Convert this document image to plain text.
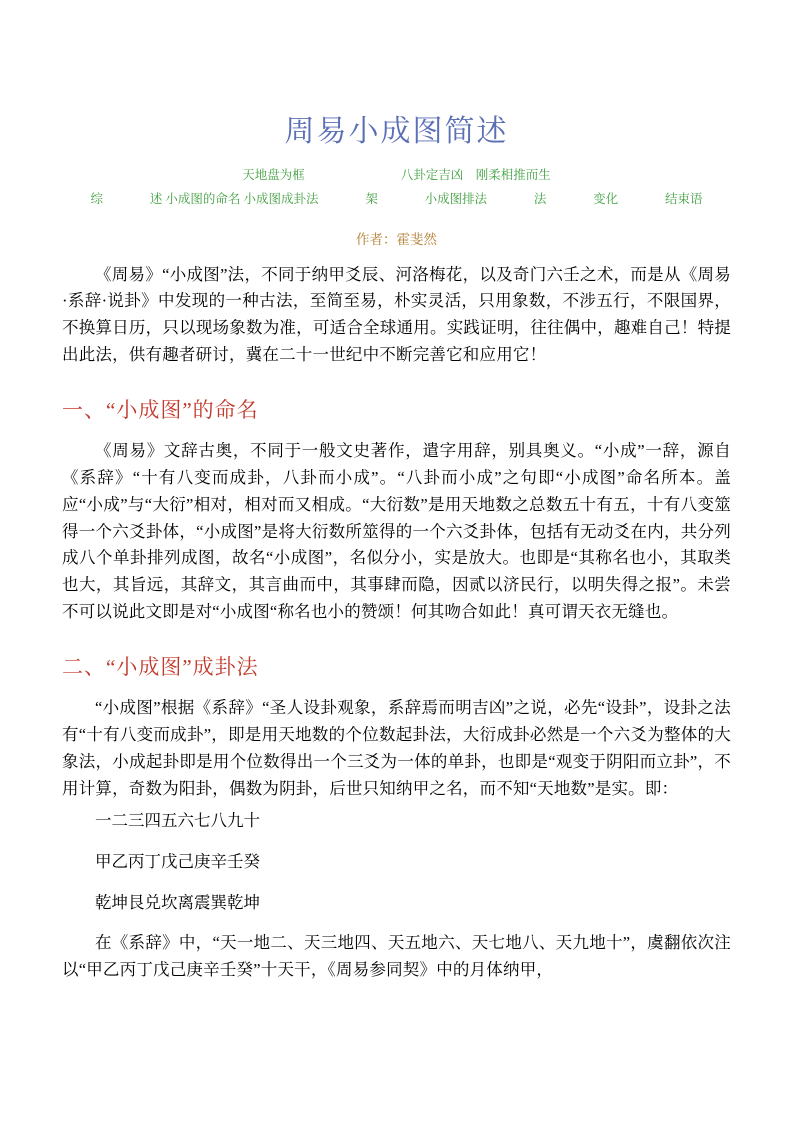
周易小成图简述
天地盘为框	八卦定吉凶　刚柔相推而生
综	述 小成图的命名 小成图成卦法	架	小成图排法	法	变化	结束语
作者：霍斐然

《周易》“小成图”法，不同于纳甲爻辰、河洛梅花，以及奇门六壬之术，而是从《周易·系辞·说卦》中发现的一种古法，至简至易，朴实灵活，只用象数，不涉五行，不限国界，不换算日历，只以现场象数为准，可适合全球通用。实践证明，往往偶中，趣难自己！特提出此法，供有趣者研讨，冀在二十一世纪中不断完善它和应用它！

一、“小成图”的命名

《周易》文辞古奥，不同于一般文史著作，遣字用辞，别具奥义。“小成”一辞，源自《系辞》“十有八变而成卦，八卦而小成”。“八卦而小成”之句即“小成图”命名所本。盖应“小成”与“大衍”相对，相对而又相成。“大衍数”是用天地数之总数五十有五，十有八变筮得一个六爻卦体，“小成图”是将大衍数所筮得的一个六爻卦体，包括有无动爻在内，共分列成八个单卦排列成图，故名“小成图”，名似分小，实是放大。也即是“其称名也小，其取类也大，其旨远，其辞文，其言曲而中，其事肆而隐，因贰以济民行，以明失得之报”。未尝不可以说此文即是对“小成图“称名也小的赞颂！何其吻合如此！真可谓天衣无缝也。

二、“小成图”成卦法

“小成图”根据《系辞》“圣人设卦观象，系辞焉而明吉凶”之说，必先“设卦”，设卦之法有“十有八变而成卦”，即是用天地数的个位数起卦法，大衍成卦必然是一个六爻为整体的大象法，小成起卦即是用个位数得出一个三爻为一体的单卦，也即是“观变于阴阳而立卦”，不用计算，奇数为阳卦，偶数为阴卦，后世只知纳甲之名，而不知“天地数”是实。即：

一二三四五六七八九十

甲乙丙丁戊己庚辛壬癸

乾坤艮兑坎离震巽乾坤

在《系辞》中，“天一地二、天三地四、天五地六、天七地八、天九地十”，虞翻依次注以“甲乙丙丁戊己庚辛壬癸”十天干，《周易参同契》中的月体纳甲，
